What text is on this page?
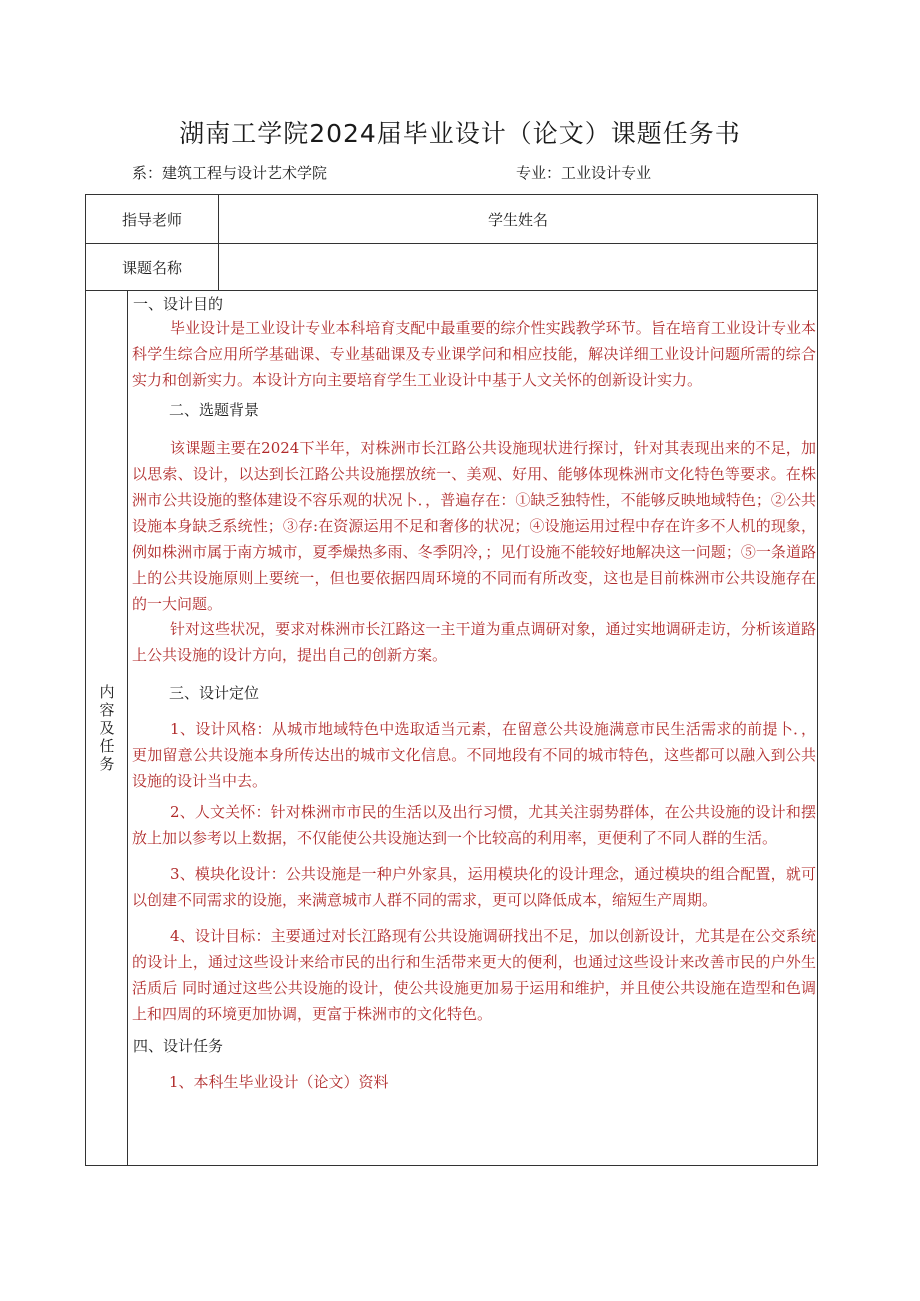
湖南工学院2024届毕业设计（论文）课题任务书
系：建筑工程与设计艺术学院	专业：工业设计专业
指导老师	学生姓名
课题名称
内容及任务
一、设计目的
毕业设计是工业设计专业本科培育支配中最重要的综介性实践教学环节。旨在培育工业设计专业本科学生综合应用所学基础课、专业基础课及专业课学问和相应技能，解决详细工业设计问题所需的综合实力和创新实力。本设计方向主要培育学生工业设计中基于人文关怀的创新设计实力。
二、选题背景
该课题主要在2024下半年，对株洲市长江路公共设施现状进行探讨，针对其表现出来的不足，加以思索、设计，以达到长江路公共设施摆放统一、美观、好用、能够体现株洲市文化特色等要求。在株洲市公共设施的整体建设不容乐观的状况卜．，普遍存在：①缺乏独特性，不能够反映地域特色；②公共设施本身缺乏系统性；③存:在资源运用不足和奢侈的状况；④设施运用过程中存在许多不人机的现象，例如株洲市属于南方城市，夏季燥热多雨、冬季阴冷，；见仃设施不能较好地解决这一问题；⑤一条道路上的公共设施原则上要统一，但也要依据四周环境的不同而有所改变，这也是目前株洲市公共设施存在的一大问题。
针对这些状况，要求对株洲市长江路这一主干道为重点调研对象，通过实地调研走访，分析该道路上公共设施的设计方向，提出自己的创新方案。
三、设计定位
1、设计风格：从城市地域特色中选取适当元素，在留意公共设施满意市民生活需求的前提卜．，更加留意公共设施本身所传达出的城市文化信息。不同地段有不同的城市特色，这些都可以融入到公共设施的设计当中去。
2、人文关怀：针对株洲市市民的生活以及出行习惯，尤其关注弱势群体，在公共设施的设计和摆放上加以参考以上数据，不仅能使公共设施达到一个比较高的利用率，更便利了不同人群的生活。
3、模块化设计：公共设施是一种户外家具，运用模块化的设计理念，通过模块的组合配置，就可以创建不同需求的设施，来满意城市人群不同的需求，更可以降低成本，缩短生产周期。
4、设计目标：主要通过对长江路现有公共设施调研找出不足，加以创新设计，尤其是在公交系统的设计上，通过这些设计来给市民的出行和生活带来更大的便利，也通过这些设计来改善市民的户外生活质后 同时通过这些公共设施的设计，使公共设施更加易于运用和维护，并且使公共设施在造型和色调上和四周的环境更加协调，更富于株洲市的文化特色。
四、设计任务
1、本科生毕业设计（论文）资料
